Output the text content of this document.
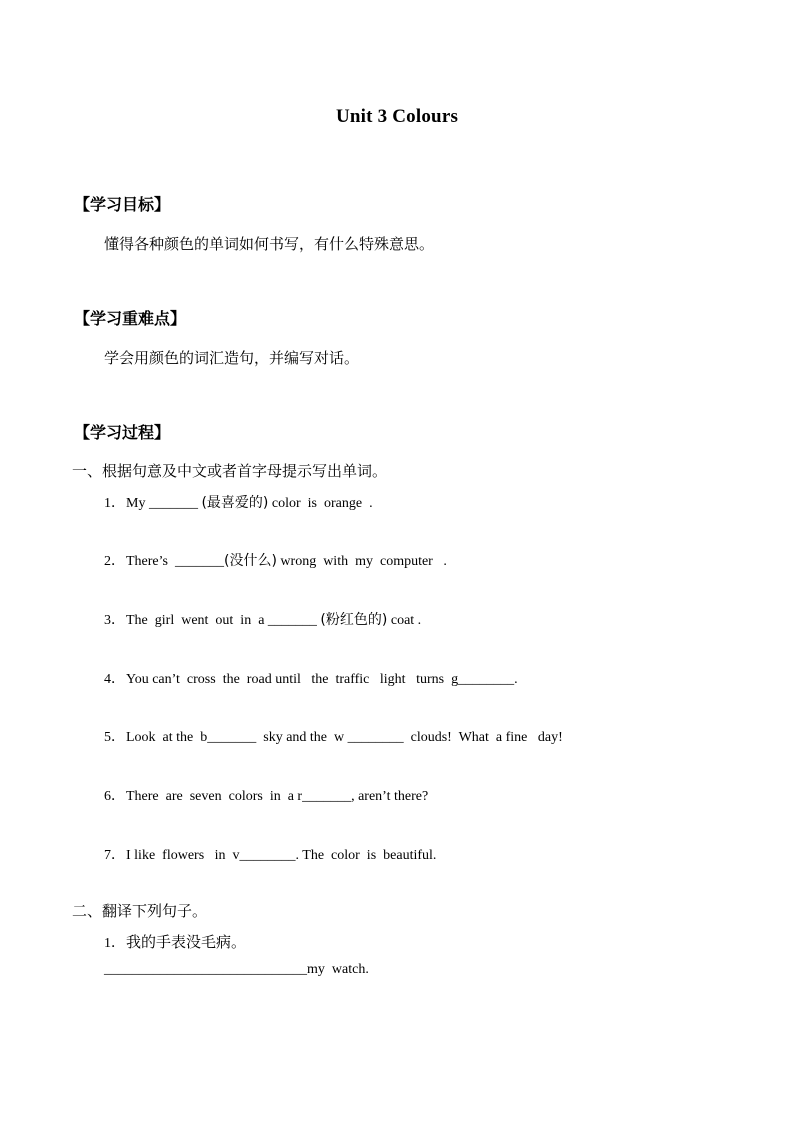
Unit 3 Colours
【学习目标】
懂得各种颜色的单词如何书写，有什么特殊意思。
【学习重难点】
学会用颜色的词汇造句，并编写对话。
【学习过程】
一、根据句意及中文或者首字母提示写出单词。
1．My _______ (最喜爱的) color  is  orange  .
2．There’s  _______(没什么) wrong  with  my  computer   .
3．The  girl  went  out  in  a _______ (粉红色的) coat .
4．You can’t  cross  the  road until   the  traffic   light   turns  g________.
5．Look  at the  b_______  sky and the  w ________  clouds!  What  a fine   day!
6．There  are  seven  colors  in  a r_______, aren’t there?
7．I like  flowers   in  v________. The  color  is  beautiful.
二、翻译下列句子。
1．我的手表没毛病。
_____________________________my  watch.
